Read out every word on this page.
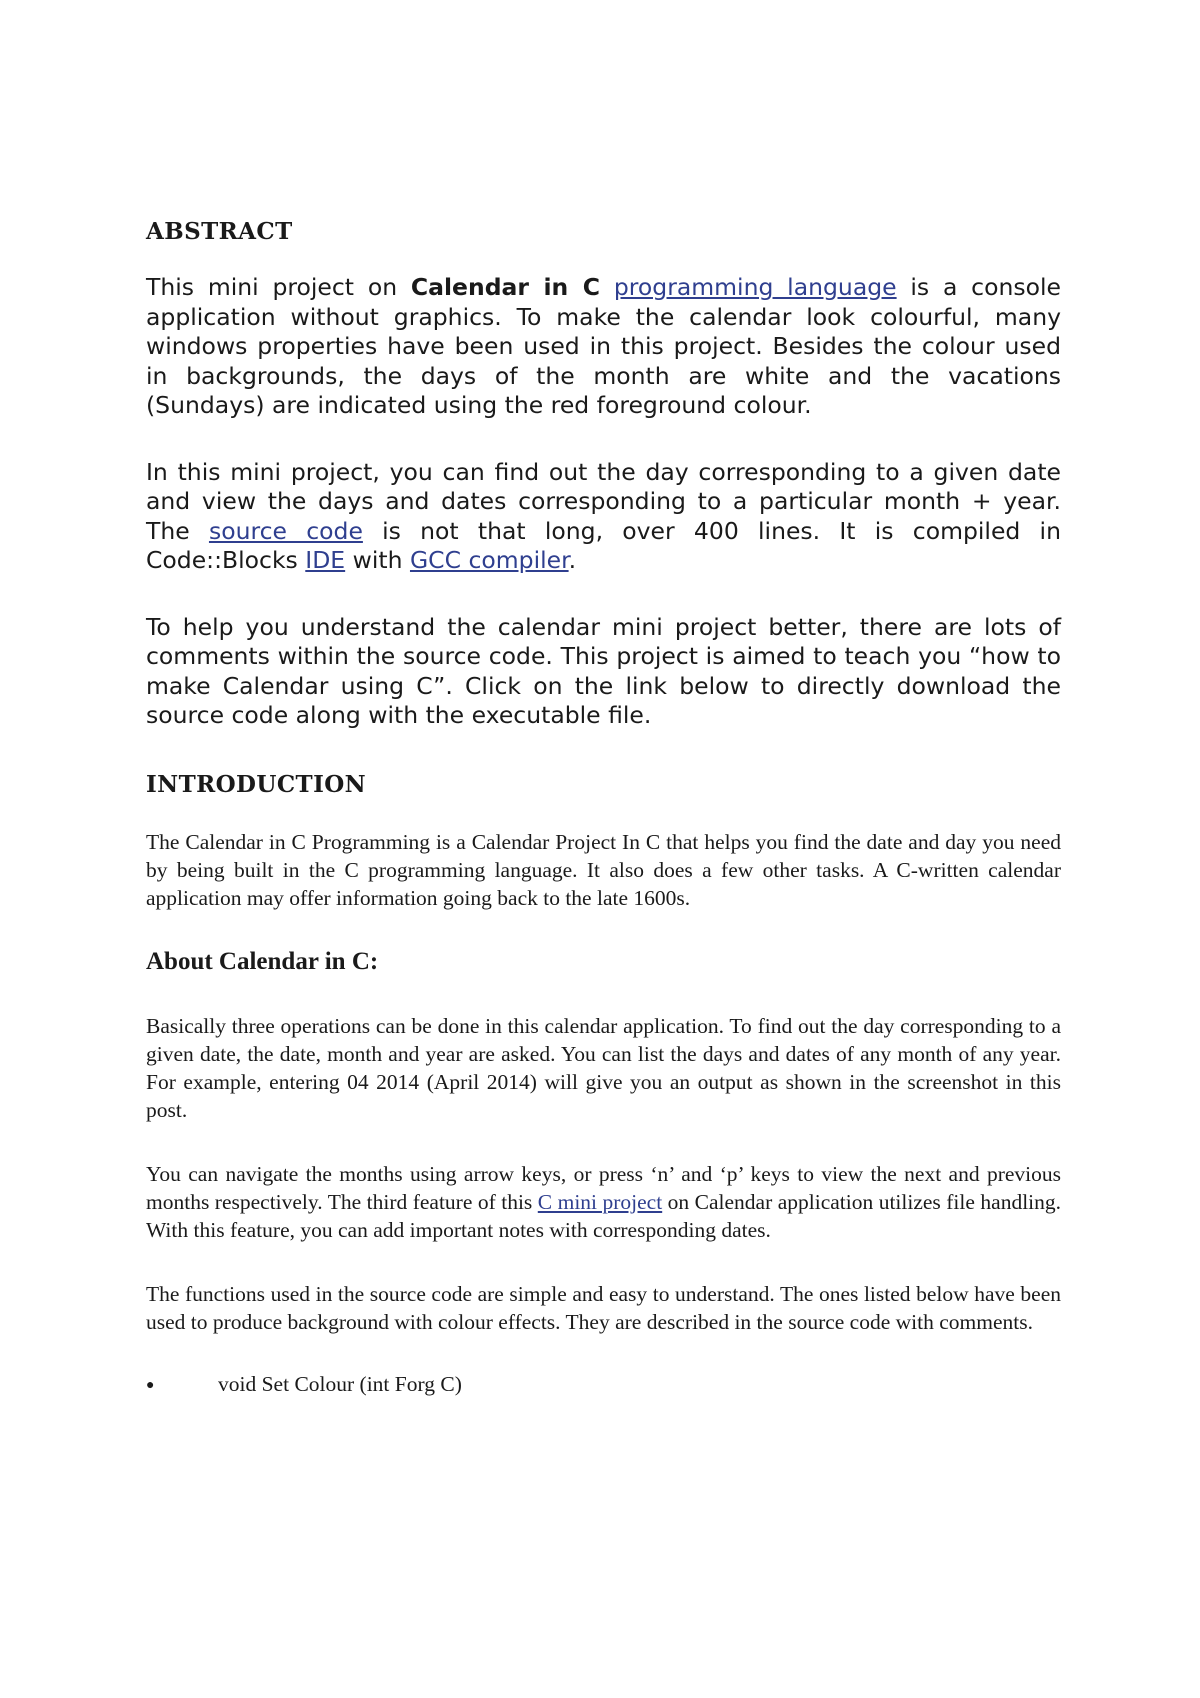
ABSTRACT

This mini project on Calendar in C programming language is a console application without graphics. To make the calendar look colourful, many windows properties have been used in this project. Besides the colour used in backgrounds, the days of the month are white and the vacations (Sundays) are indicated using the red foreground colour.

In this mini project, you can find out the day corresponding to a given date and view the days and dates corresponding to a particular month + year. The source code is not that long, over 400 lines. It is compiled in Code::Blocks IDE with GCC compiler.

To help you understand the calendar mini project better, there are lots of comments within the source code. This project is aimed to teach you “how to make Calendar using C”. Click on the link below to directly download the source code along with the executable file.

INTRODUCTION

The Calendar in C Programming is a Calendar Project In C that helps you find the date and day you need by being built in the C programming language. It also does a few other tasks. A C-written calendar application may offer information going back to the late 1600s.

About Calendar in C:

Basically three operations can be done in this calendar application. To find out the day corresponding to a given date, the date, month and year are asked. You can list the days and dates of any month of any year. For example, entering 04 2014 (April 2014) will give you an output as shown in the screenshot in this post.

You can navigate the months using arrow keys, or press ‘n’ and ‘p’ keys to view the next and previous months respectively. The third feature of this C mini project on Calendar application utilizes file handling. With this feature, you can add important notes with corresponding dates.

The functions used in the source code are simple and easy to understand. The ones listed below have been used to produce background with colour effects. They are described in the source code with comments.

●	void Set Colour (int Forg C)
